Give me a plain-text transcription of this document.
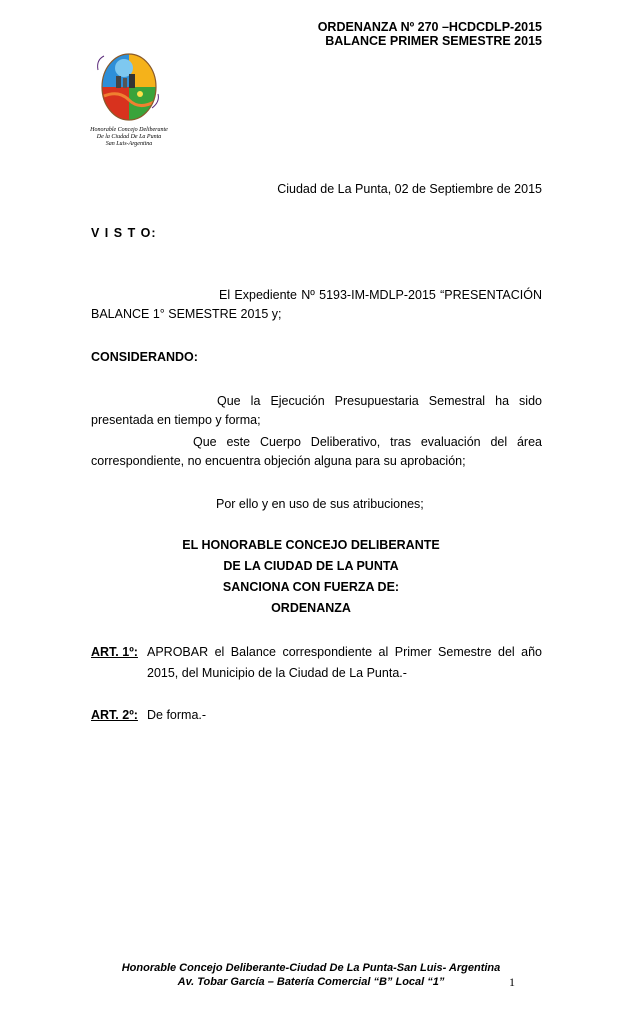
ORDENANZA Nº 270 –HCDCDLP-2015
BALANCE PRIMER SEMESTRE 2015
Honorable Concejo Deliberante
De la Ciudad De La Punta
San Luis-Argentina
Ciudad de La Punta, 02 de Septiembre de 2015
V I S T O:
El Expediente Nº 5193-IM-MDLP-2015 “PRESENTACIÓN
BALANCE 1° SEMESTRE 2015 y;
CONSIDERANDO:
Que la Ejecución Presupuestaria Semestral ha sido
presentada en tiempo y forma;
Que este Cuerpo Deliberativo, tras evaluación del área
correspondiente, no encuentra objeción alguna para su aprobación;
Por ello y en uso de sus atribuciones;
EL HONORABLE CONCEJO DELIBERANTE
DE LA CIUDAD DE LA PUNTA
SANCIONA CON FUERZA DE:
ORDENANZA
ART. 1º: APROBAR el Balance correspondiente al Primer Semestre del año
2015, del Municipio de la Ciudad de La Punta.-
ART. 2º: De forma.-
Honorable Concejo Deliberante-Ciudad De La Punta-San Luis- Argentina
Av. Tobar García – Batería Comercial “B” Local “1”	1
